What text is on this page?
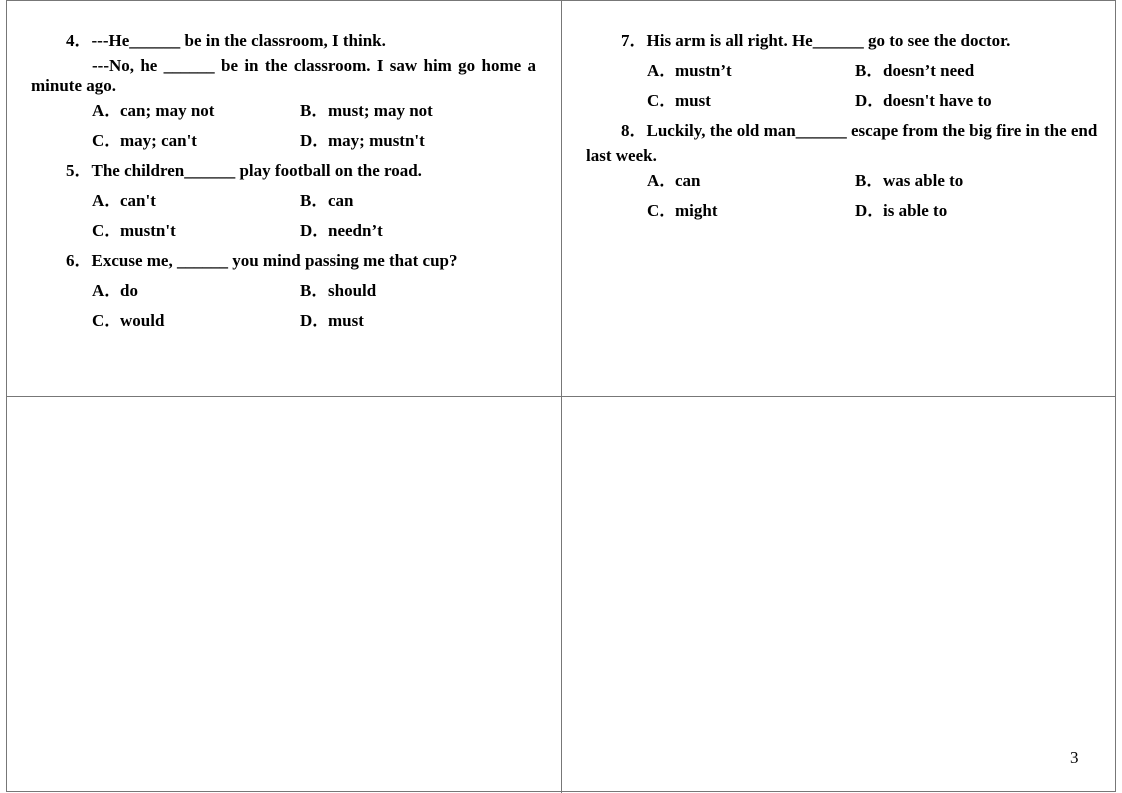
4．---He______ be in the classroom, I think.
---No, he ______ be in the classroom. I saw him go home a
minute ago.
A．can; may not	B．must; may not
C．may; can't	D．may; mustn't
5．The children______ play football on the road.
A．can't	B．can
C．mustn't	D．needn’t
6．Excuse me, ______ you mind passing me that cup?
A．do	B．should
C．would	D．must
7．His arm is all right. He______ go to see the doctor.
A．mustn’t	B．doesn’t need
C．must	D．doesn't have to
8．Luckily, the old man______ escape from the big fire in the end
last week.
A．can	B．was able to
C．might	D．is able to
3
